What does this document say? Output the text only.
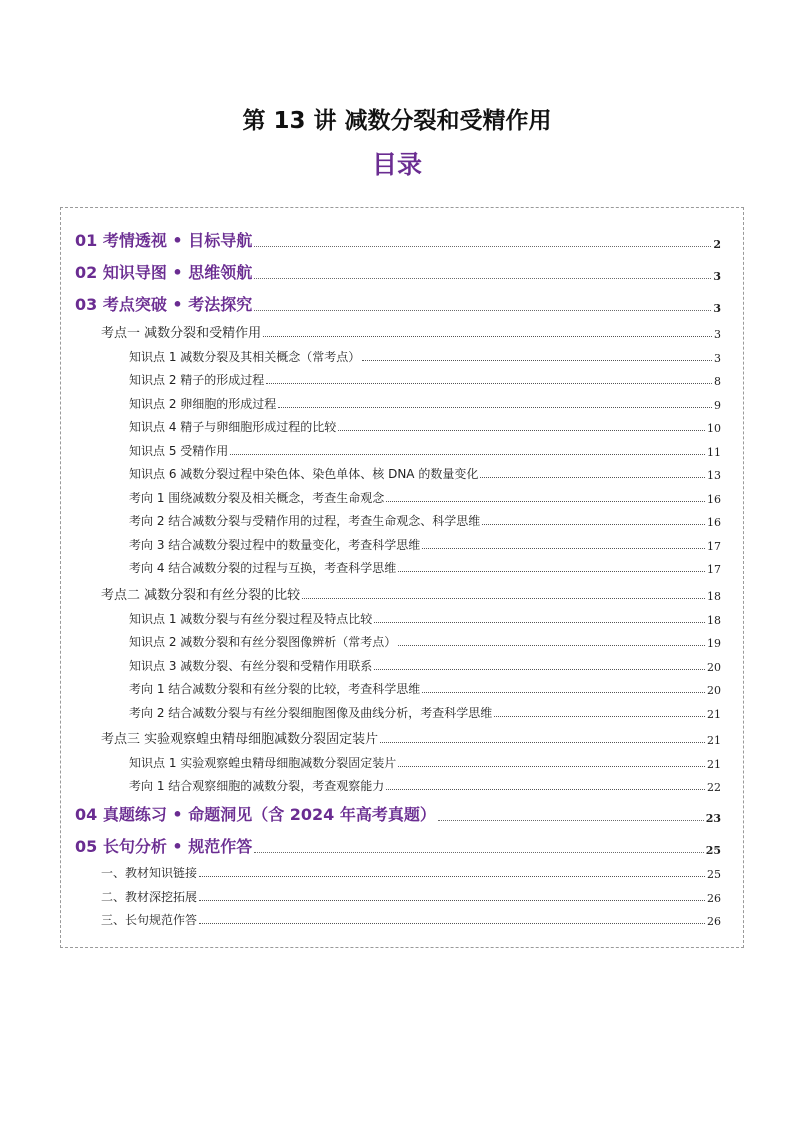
第 13 讲 减数分裂和受精作用
目录
01 考情透视 • 目标导航	2
02 知识导图 • 思维领航	3
03 考点突破 • 考法探究	3
考点一 减数分裂和受精作用	3
知识点 1 减数分裂及其相关概念（常考点）	3
知识点 2 精子的形成过程	8
知识点 2 卵细胞的形成过程	9
知识点 4 精子与卵细胞形成过程的比较	10
知识点 5 受精作用	11
知识点 6 减数分裂过程中染色体、染色单体、核 DNA 的数量变化	13
考向 1 围绕减数分裂及相关概念，考查生命观念	16
考向 2 结合减数分裂与受精作用的过程，考查生命观念、科学思维	16
考向 3 结合减数分裂过程中的数量变化，考查科学思维	17
考向 4 结合减数分裂的过程与互换，考查科学思维	17
考点二 减数分裂和有丝分裂的比较	18
知识点 1 减数分裂与有丝分裂过程及特点比较	18
知识点 2 减数分裂和有丝分裂图像辨析（常考点）	19
知识点 3 减数分裂、有丝分裂和受精作用联系	20
考向 1 结合减数分裂和有丝分裂的比较，考查科学思维	20
考向 2 结合减数分裂与有丝分裂细胞图像及曲线分析，考查科学思维	21
考点三 实验观察蝗虫精母细胞减数分裂固定装片	21
知识点 1 实验观察蝗虫精母细胞减数分裂固定装片	21
考向 1 结合观察细胞的减数分裂，考查观察能力	22
04 真题练习 • 命题洞见（含 2024 年高考真题）	23
05 长句分析 • 规范作答	25
一、教材知识链接	25
二、教材深挖拓展	26
三、长句规范作答	26
